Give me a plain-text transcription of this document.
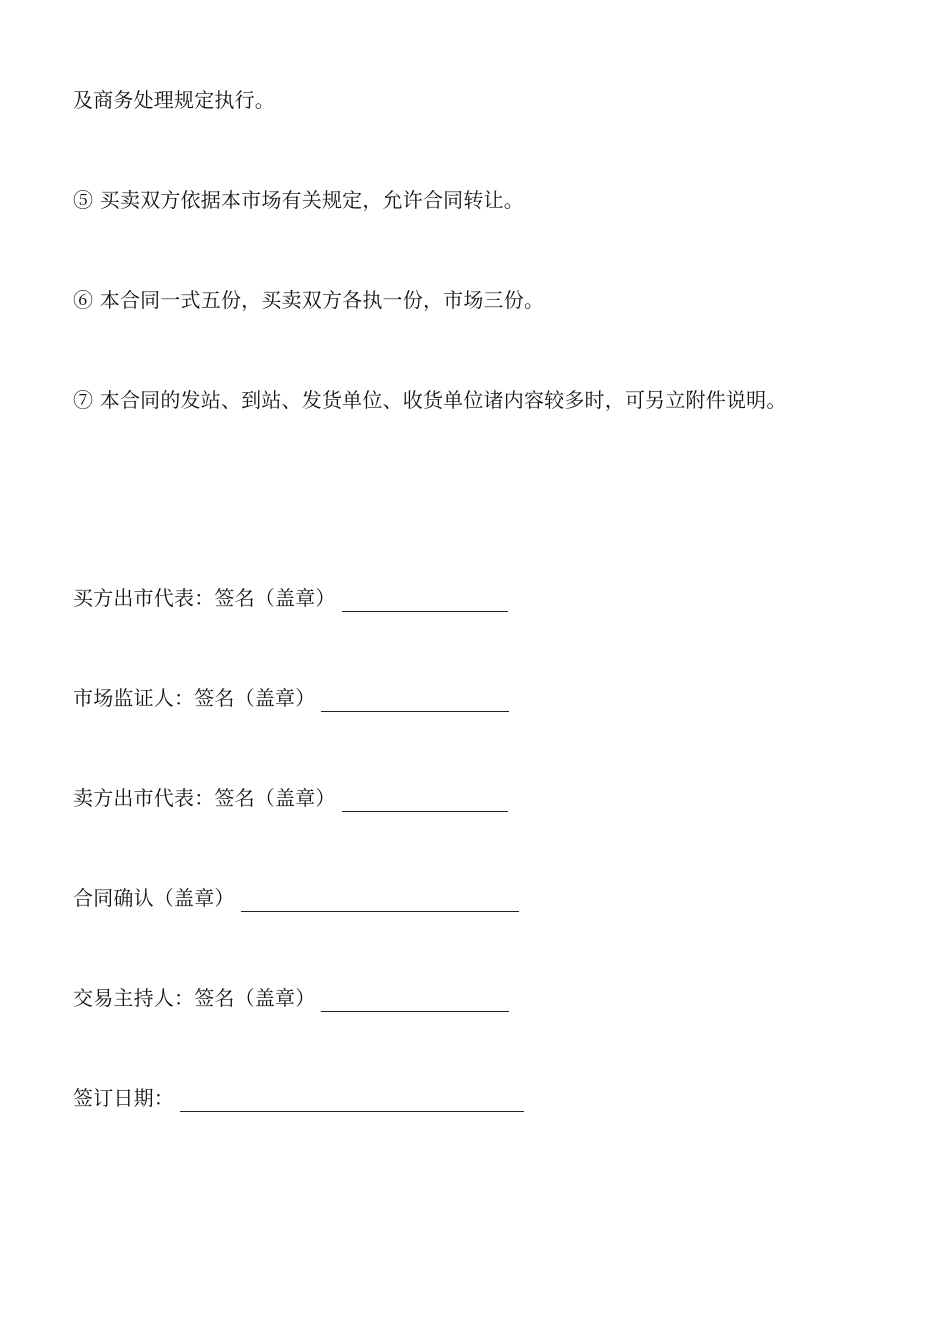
及商务处理规定执行。
⑤ 买卖双方依据本市场有关规定，允许合同转让。
⑥ 本合同一式五份，买卖双方各执一份，市场三份。
⑦ 本合同的发站、到站、发货单位、收货单位诸内容较多时，可另立附件说明。
买方出市代表：签名（盖章）
市场监证人：签名（盖章）
卖方出市代表：签名（盖章）
合同确认（盖章）
交易主持人：签名（盖章）
签订日期：
